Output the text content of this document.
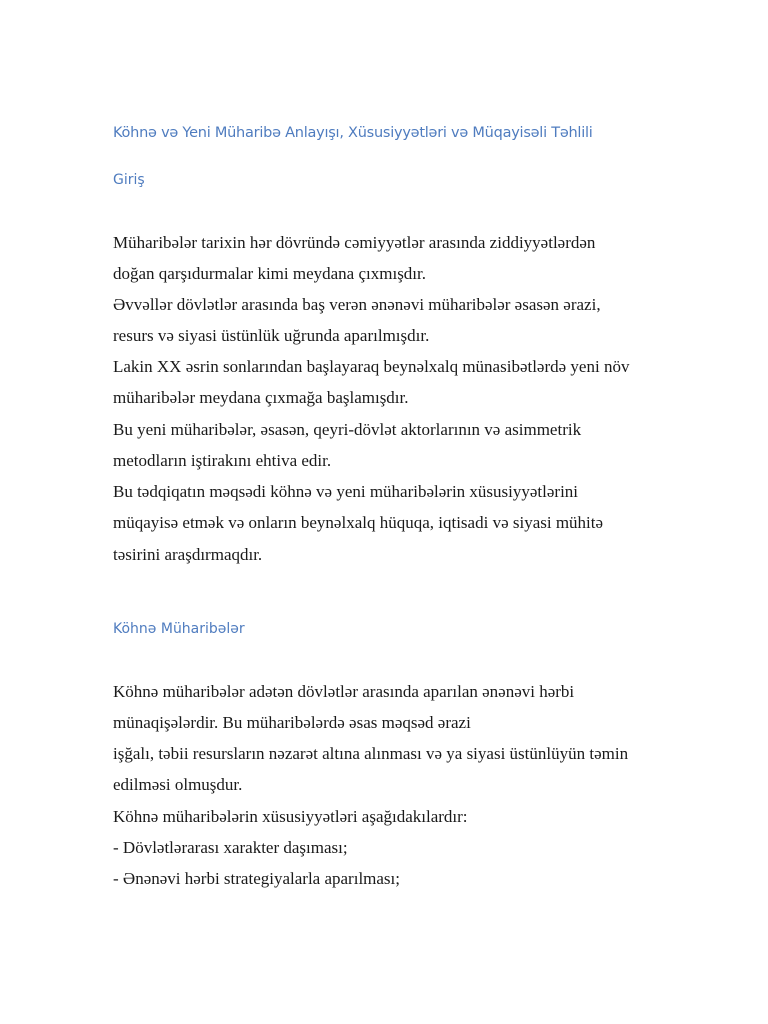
Köhnə və Yeni Müharibə Anlayışı, Xüsusiyyətləri və Müqayisəli Təhlili
Giriş

Müharibələr tarixin hər dövründə cəmiyyətlər arasında ziddiyyətlərdən

doğan qarşıdurmalar kimi meydana çıxmışdır.

Əvvəllər dövlətlər arasında baş verən ənənəvi müharibələr əsasən ərazi,

resurs və siyasi üstünlük uğrunda aparılmışdır.

Lakin XX əsrin sonlarından başlayaraq beynəlxalq münasibətlərdə yeni növ

müharibələr meydana çıxmağa başlamışdır.

Bu yeni müharibələr, əsasən, qeyri-dövlət aktorlarının və asimmetrik

metodların iştirakını ehtiva edir.

Bu tədqiqatın məqsədi köhnə və yeni müharibələrin xüsusiyyətlərini

müqayisə etmək və onların beynəlxalq hüquqa, iqtisadi və siyasi mühitə

təsirini araşdırmaqdır.

Köhnə Müharibələr

Köhnə müharibələr adətən dövlətlər arasında aparılan ənənəvi hərbi

münaqişələrdir. Bu müharibələrdə əsas məqsəd ərazi

işğalı, təbii resursların nəzarət altına alınması və ya siyasi üstünlüyün təmin

edilməsi olmuşdur.

Köhnə müharibələrin xüsusiyyətləri aşağıdakılardır:

- Dövlətlərarası xarakter daşıması;

- Ənənəvi hərbi strategiyalarla aparılması;
